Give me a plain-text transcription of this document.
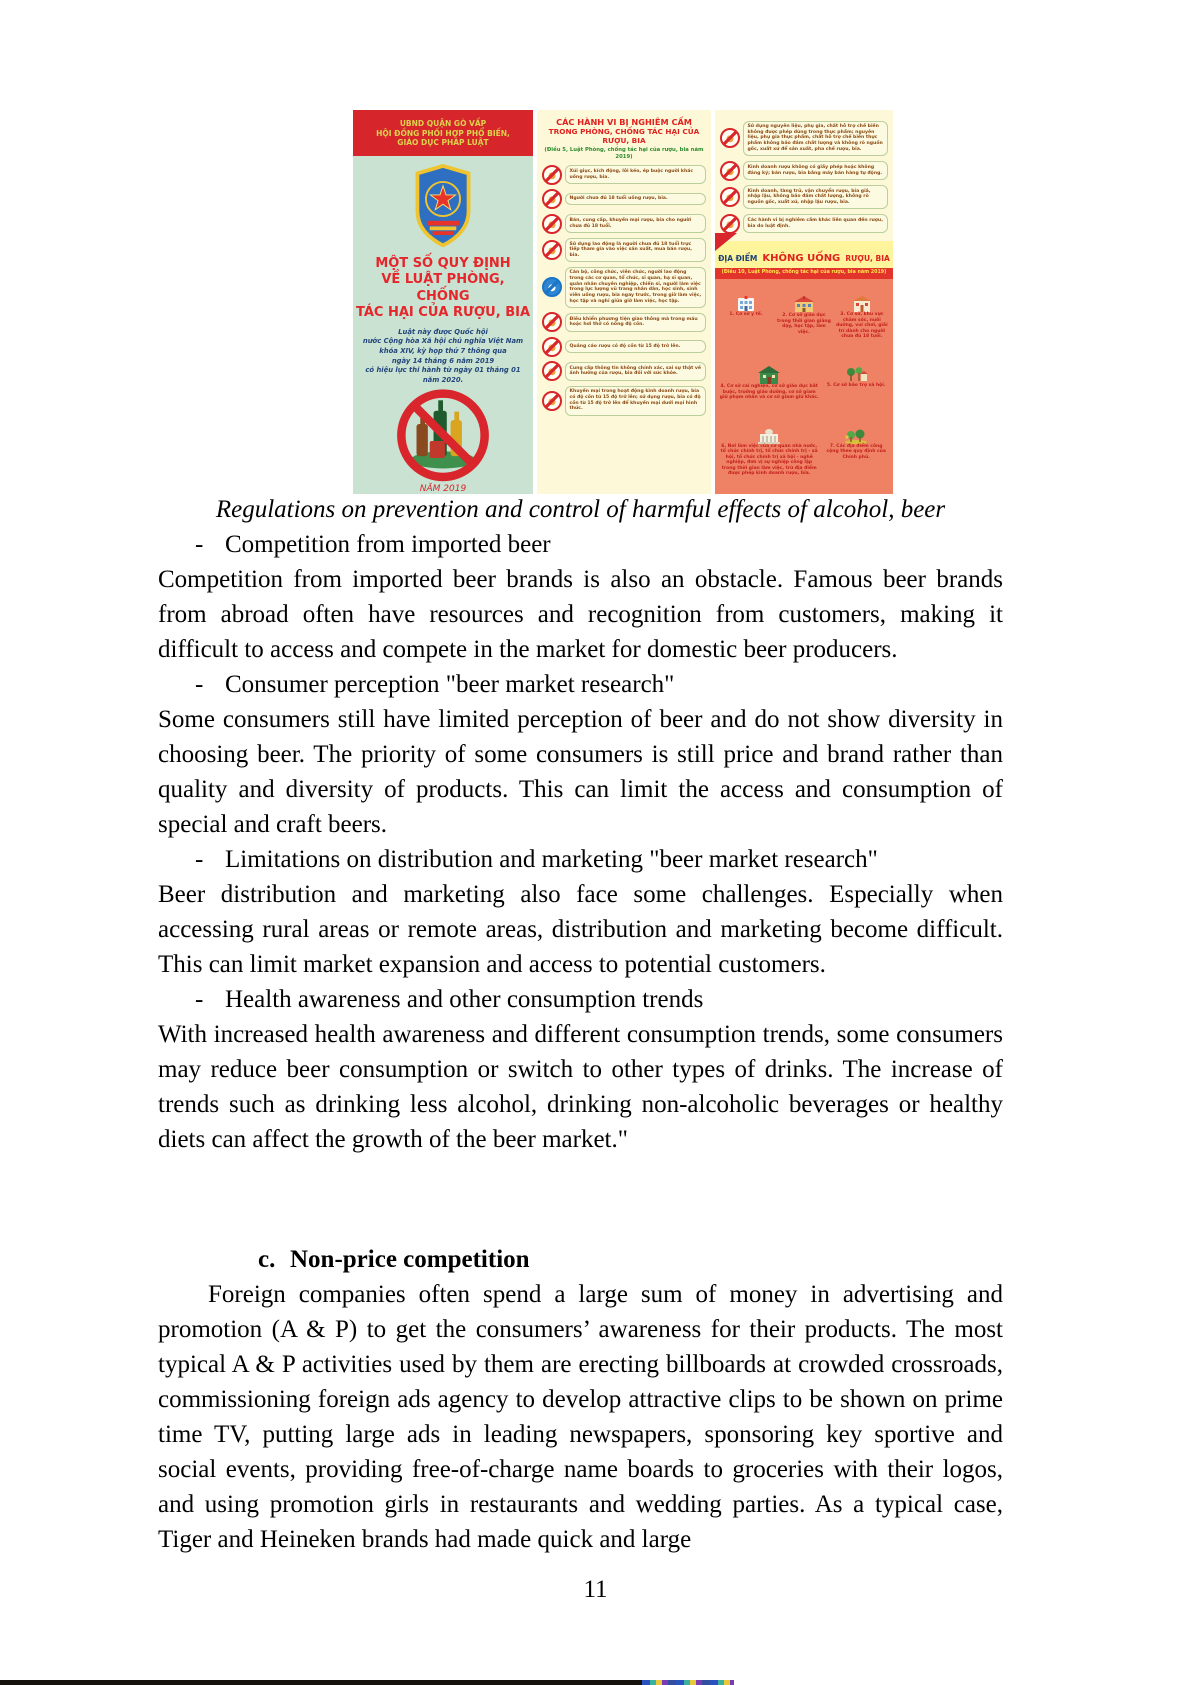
UBND QUẬN GÒ VẤP
HỘI ĐỒNG PHỐI HỢP PHỔ BIẾN,
GIÁO DỤC PHÁP LUẬT
MỘT SỐ QUY ĐỊNH
VỀ LUẬT PHÒNG, CHỐNG
TÁC HẠI CỦA RƯỢU, BIA
Luật này được Quốc hội
nước Cộng hòa Xã hội chủ nghĩa Việt Nam
khóa XIV, kỳ họp thứ 7 thông qua
ngày 14 tháng 6 năm 2019
có hiệu lực thi hành từ ngày 01 tháng 01 năm 2020.
NĂM 2019
CÁC HÀNH VI BỊ NGHIÊM CẤM
TRONG PHÒNG, CHỐNG TÁC HẠI CỦA RƯỢU, BIA
(Điều 5, Luật Phòng, chống tác hại của rượu, bia năm 2019)
Xúi giục, kích động, lôi kéo, ép buộc người khác uống rượu, bia.
Người chưa đủ 18 tuổi uống rượu, bia.
Bán, cung cấp, khuyến mại rượu, bia cho người chưa đủ 18 tuổi.
Sử dụng lao động là người chưa đủ 18 tuổi trực tiếp tham gia vào việc sản xuất, mua bán rượu, bia.
Cán bộ, công chức, viên chức, người lao động trong các cơ quan, tổ chức, sĩ quan, hạ sĩ quan, quân nhân chuyên nghiệp, chiến sĩ, người làm việc trong lực lượng vũ trang nhân dân, học sinh, sinh viên uống rượu, bia ngay trước, trong giờ làm việc, học tập và nghỉ giữa giờ làm việc, học tập.
Điều khiển phương tiện giao thông mà trong máu hoặc hơi thở có nồng độ cồn.
Quảng cáo rượu có độ cồn từ 15 độ trở lên.
Cung cấp thông tin không chính xác, sai sự thật về ảnh hưởng của rượu, bia đối với sức khỏe.
Khuyến mại trong hoạt động kinh doanh rượu, bia có độ cồn từ 15 độ trở lên; sử dụng rượu, bia có độ cồn từ 15 độ trở lên để khuyến mại dưới mọi hình thức.
Sử dụng nguyên liệu, phụ gia, chất hỗ trợ chế biến không được phép dùng trong thực phẩm; nguyên liệu, phụ gia thực phẩm, chất hỗ trợ chế biến thực phẩm không bảo đảm chất lượng và không rõ nguồn gốc, xuất xứ để sản xuất, pha chế rượu, bia.
Kinh doanh rượu không có giấy phép hoặc không đăng ký; bán rượu, bia bằng máy bán hàng tự động.
Kinh doanh, tàng trữ, vận chuyển rượu, bia giả, nhập lậu, không bảo đảm chất lượng, không rõ nguồn gốc, xuất xứ, nhập lậu rượu, bia.
Các hành vi bị nghiêm cấm khác liên quan đến rượu, bia do luật định.
ĐỊA ĐIỂM KHÔNG UỐNG RƯỢU, BIA
(Điều 10, Luật Phòng, chống tác hại của rượu, bia năm 2019)
1. Cơ sở y tế.	2. Cơ sở giáo dục trong thời gian giảng dạy, học tập, làm việc.
3. Cơ sở, khu vực chăm sóc, nuôi dưỡng, vui chơi, giải trí dành cho người chưa đủ 18 tuổi.
4. Cơ sở cai nghiện, cơ sở giáo dục bắt buộc, trường giáo dưỡng, cơ sở giam giữ phạm nhân và cơ sở giam giữ khác.
5. Cơ sở bảo trợ xã hội.
6. Nơi làm việc của cơ quan nhà nước, tổ chức chính trị, tổ chức chính trị - xã hội, tổ chức chính trị xã hội - nghề nghiệp, đơn vị sự nghiệp công lập trong thời gian làm việc, trừ địa điểm được phép kinh doanh rượu, bia.
7. Các địa điểm công cộng theo quy định của Chính phủ.
Regulations on prevention and control of harmful effects of alcohol, beer
- Competition from imported beer

Competition from imported beer brands is also an obstacle. Famous beer brands from abroad often have resources and recognition from customers, making it difficult to access and compete in the market for domestic beer producers.

- Consumer perception "beer market research"

Some consumers still have limited perception of beer and do not show diversity in choosing beer. The priority of some consumers is still price and brand rather than quality and diversity of products. This can limit the access and consumption of special and craft beers.

- Limitations on distribution and marketing "beer market research"

Beer distribution and marketing also face some challenges. Especially when accessing rural areas or remote areas, distribution and marketing become difficult. This can limit market expansion and access to potential customers.

- Health awareness and other consumption trends

With increased health awareness and different consumption trends, some consumers may reduce beer consumption or switch to other types of drinks. The increase of trends such as drinking less alcohol, drinking non-alcoholic beverages or healthy diets can affect the growth of the beer market."

c. Non-price competition

Foreign companies often spend a large sum of money in advertising and promotion (A & P) to get the consumers’ awareness for their products. The most typical A & P activities used by them are erecting billboards at crowded crossroads, commissioning foreign ads agency to develop attractive clips to be shown on prime time TV, putting large ads in leading newspapers, sponsoring key sportive and social events, providing free-of-charge name boards to groceries with their logos, and using promotion girls in restaurants and wedding parties. As a typical case, Tiger and Heineken brands had made quick and large

11
